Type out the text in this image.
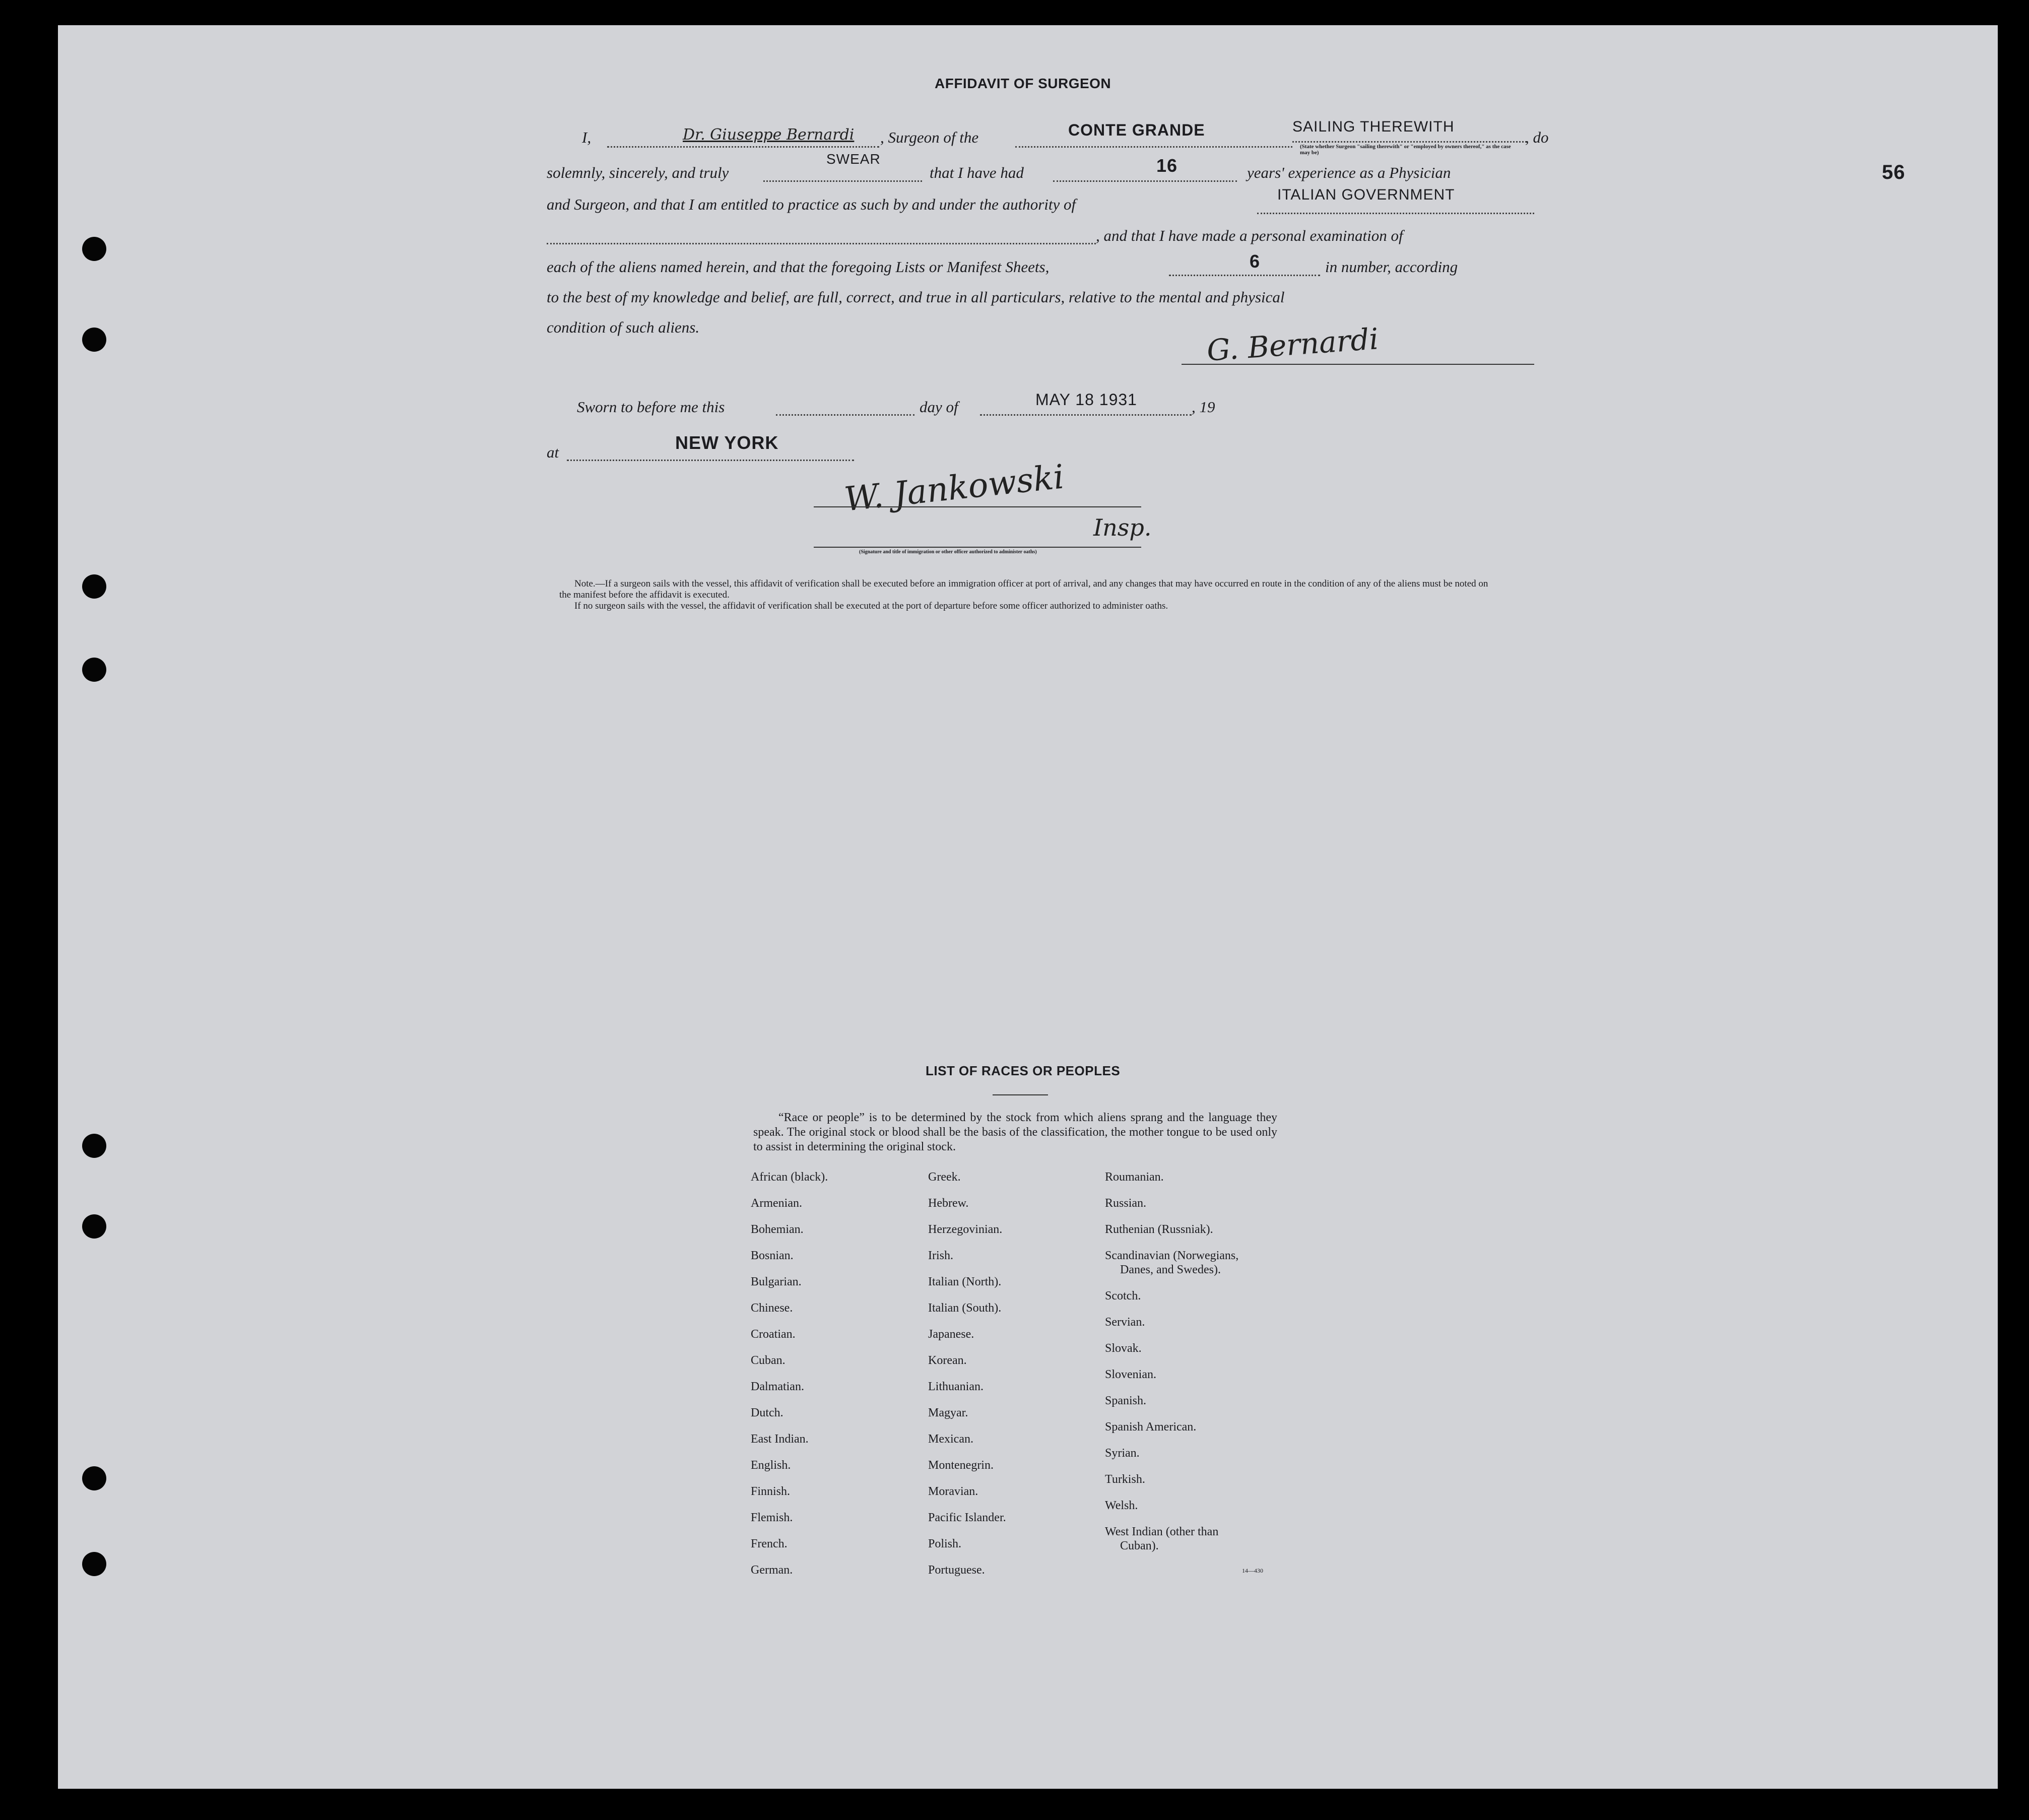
56
AFFIDAVIT OF SURGEON
I,	Dr. Giuseppe Bernardi , Surgeon of the	CONTE GRANDE	SAILING THEREWITH
, do
(State whether Surgeon "sailing therewith" or "employed by owners thereof," as the case may be)
solemnly, sincerely, and truly
SWEAR
that I have had	16	years' experience as a Physician
and Surgeon, and that I am entitled to practice as such by and under the authority of
ITALIAN GOVERNMENT
, and that I have made a personal examination of
each of the aliens named herein, and that the foregoing Lists or Manifest Sheets,	6	in number, according
to the best of my knowledge and belief, are full, correct, and true in all particulars, relative to the mental and physical
condition of such aliens.	G. Bernardi
Sworn to before me this	day of	MAY 18 1931	, 19
at	NEW YORK
W. Jankowski
Insp.
(Signature and title of immigration or other officer authorized to administer oaths)
Note.—If a surgeon sails with the vessel, this affidavit of verification shall be executed before an immigration officer at port of arrival, and any changes that may have occurred en route in the condition of any of the aliens must be noted on the manifest before the affidavit is executed.
If no surgeon sails with the vessel, the affidavit of verification shall be executed at the port of departure before some officer authorized to administer oaths.
LIST OF RACES OR PEOPLES
“Race or people” is to be determined by the stock from which aliens sprang and the language they speak. The original stock or blood shall be the basis of the classification, the mother tongue to be used only to assist in determining the original stock.
African (black).
Armenian.
Bohemian.
Bosnian.
Bulgarian.
Chinese.
Croatian.
Cuban.
Dalmatian.
Dutch.
East Indian.
English.
Finnish.
Flemish.
French.
German.
Greek.
Hebrew.
Herzegovinian.
Irish.
Italian (North).
Italian (South).
Japanese.
Korean.
Lithuanian.
Magyar.
Mexican.
Montenegrin.
Moravian.
Pacific Islander.
Polish.
Portuguese.
Roumanian.
Russian.
Ruthenian (Russniak).
Scandinavian (Norwegians,
Danes, and Swedes).
Scotch.
Servian.
Slovak.
Slovenian.
Spanish.
Spanish American.
Syrian.
Turkish.
Welsh.
West Indian (other than
Cuban).
14—430
